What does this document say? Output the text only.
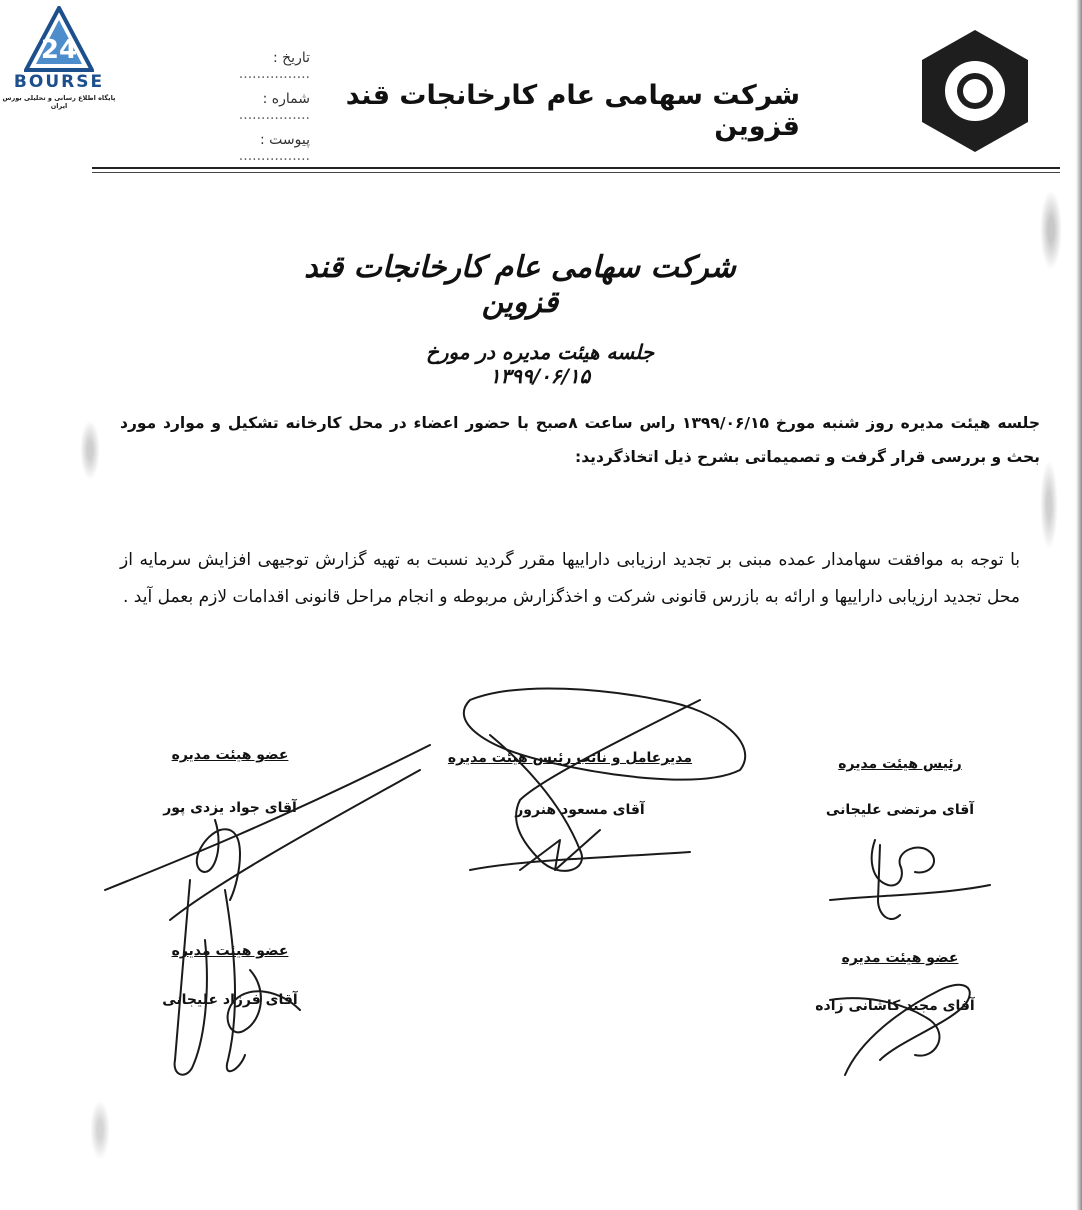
24
BOURSE
پایگاه اطلاع رسانی و تحلیلی بورس ایران	شرکت سهامی عام کارخانجات قند قزوین
تاریخ : ................
شماره : ................
پیوست : ................
شرکت سهامی عام کارخانجات قند قزوین
جلسه هیئت مدیره در مورخ ۱۳۹۹/۰۶/۱۵
جلسه هیئت مدیره روز شنبه مورخ ۱۳۹۹/۰۶/۱۵ راس ساعت ۸صبح با حضور اعضاء در محل کارخانه تشکیل و موارد مورد بحث و بررسی قرار گرفت و تصمیماتی بشرح ذیل اتخاذگردید:
با توجه به موافقت سهامدار عمده مبنی بر تجدید ارزیابی داراییها مقرر گردید نسبت به تهیه گزارش توجیهی افزایش سرمایه از محل تجدید ارزیابی داراییها و ارائه به بازرس قانونی شرکت و اخذگزارش مربوطه و انجام مراحل قانونی اقدامات لازم بعمل آید .
رئیس هیئت مدیره
آقای مرتضی علیجانی
مدیرعامل و نائب رئیس هیئت مدیره
آقای مسعود هنرور
عضو هیئت مدیره
آقای جواد یزدی پور
عضو هیئت مدیره
آقای مجید کاشانی زاده
عضو هیئت مدیره
آقای فرزاد علیجانی
